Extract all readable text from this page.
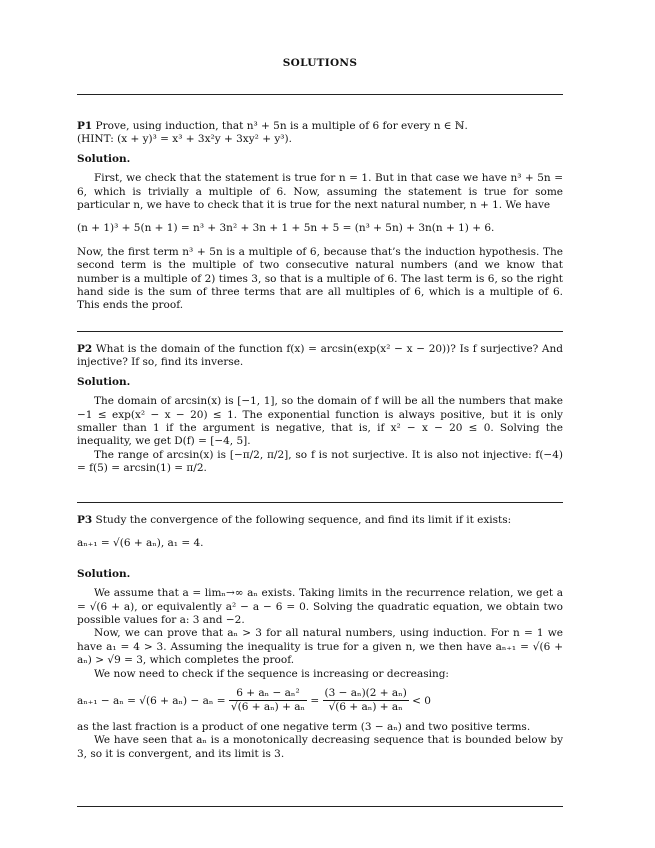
SOLUTIONS

P1 Prove, using induction, that n³ + 5n is a multiple of 6 for every n ∈ ℕ.

(HINT: (x + y)³ = x³ + 3x²y + 3xy² + y³).

Solution.

First, we check that the statement is true for n = 1. But in that case we have n³ + 5n = 6, which is trivially a multiple of 6. Now, assuming the statement is true for some particular n, we have to check that it is true for the next natural number, n + 1. We have

(n + 1)³ + 5(n + 1) = n³ + 3n² + 3n + 1 + 5n + 5 = (n³ + 5n) + 3n(n + 1) + 6.

Now, the first term n³ + 5n is a multiple of 6, because that’s the induction hypothesis. The second term is the multiple of two consecutive natural numbers (and we know that number is a multiple of 2) times 3, so that is a multiple of 6. The last term is 6, so the right hand side is the sum of three terms that are all multiples of 6, which is a multiple of 6. This ends the proof.

P2 What is the domain of the function f(x) = arcsin(exp(x² − x − 20))? Is f surjective? And injective? If so, find its inverse.

Solution.

The domain of arcsin(x) is [−1, 1], so the domain of f will be all the numbers that make −1 ≤ exp(x² − x − 20) ≤ 1. The exponential function is always positive, but it is only smaller than 1 if the argument is negative, that is, if x² − x − 20 ≤ 0. Solving the inequality, we get D(f) = [−4, 5].

The range of arcsin(x) is [−π/2, π/2], so f is not surjective. It is also not injective: f(−4) = f(5) = arcsin(1) = π/2.

P3 Study the convergence of the following sequence, and find its limit if it exists:

aₙ₊₁ = √(6 + aₙ), a₁ = 4.

Solution.

We assume that a = limₙ→∞ aₙ exists. Taking limits in the recurrence relation, we get a = √(6 + a), or equivalently a² − a − 6 = 0. Solving the quadratic equation, we obtain two possible values for a: 3 and −2.

Now, we can prove that aₙ > 3 for all natural numbers, using induction. For n = 1 we have a₁ = 4 > 3. Assuming the inequality is true for a given n, we then have aₙ₊₁ = √(6 + aₙ) > √9 = 3, which completes the proof.

We now need to check if the sequence is increasing or decreasing:

$a_{n+1} - a_n = √(6 + a_n) - a_n = \frac{\text{6 + aₙ − aₙ²}}{\text{√(6 + aₙ) + aₙ}} = \frac{\text{(3 − aₙ)(2 + aₙ)}}{\text{√(6 + aₙ) + aₙ}} < 0$

as the last fraction is a product of one negative term (3 − aₙ) and two positive terms.

We have seen that aₙ is a monotonically decreasing sequence that is bounded below by 3, so it is convergent, and its limit is 3.
